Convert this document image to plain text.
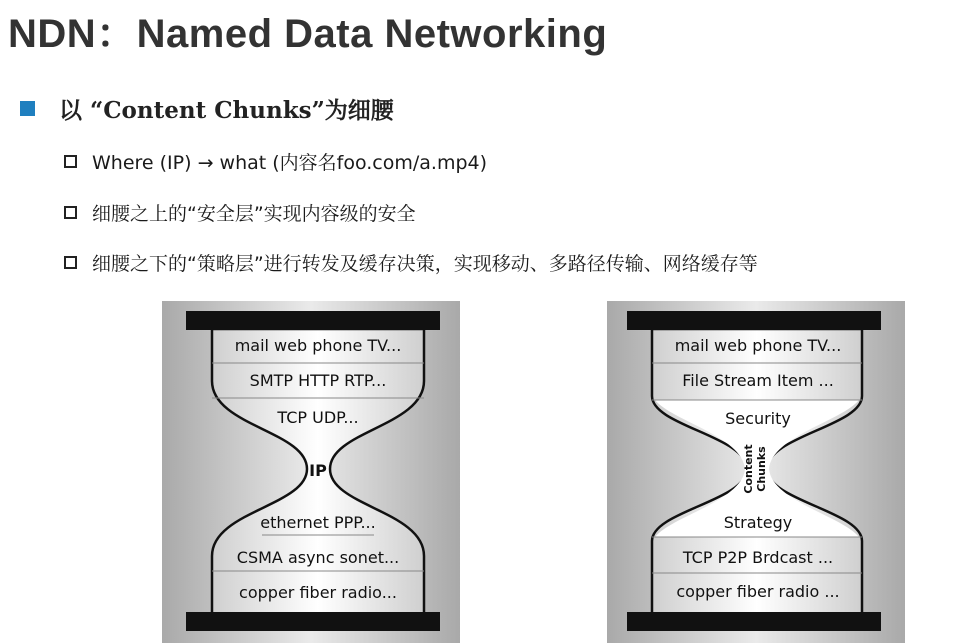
NDN：Named Data Networking
以 “Content Chunks”为细腰
Where (IP) → what (内容名foo.com/a.mp4)
细腰之上的“安全层”实现内容级的安全
细腰之下的“策略层”进行转发及缓存决策，实现移动、多路径传输、网络缓存等
mail web phone TV...
SMTP HTTP RTP...
TCP UDP...
IP
ethernet PPP...
CSMA async sonet...
copper fiber radio...
mail web phone TV...
File Stream Item ...
Security
Content Chunks
Strategy
TCP P2P Brdcast ...
copper fiber radio ...
